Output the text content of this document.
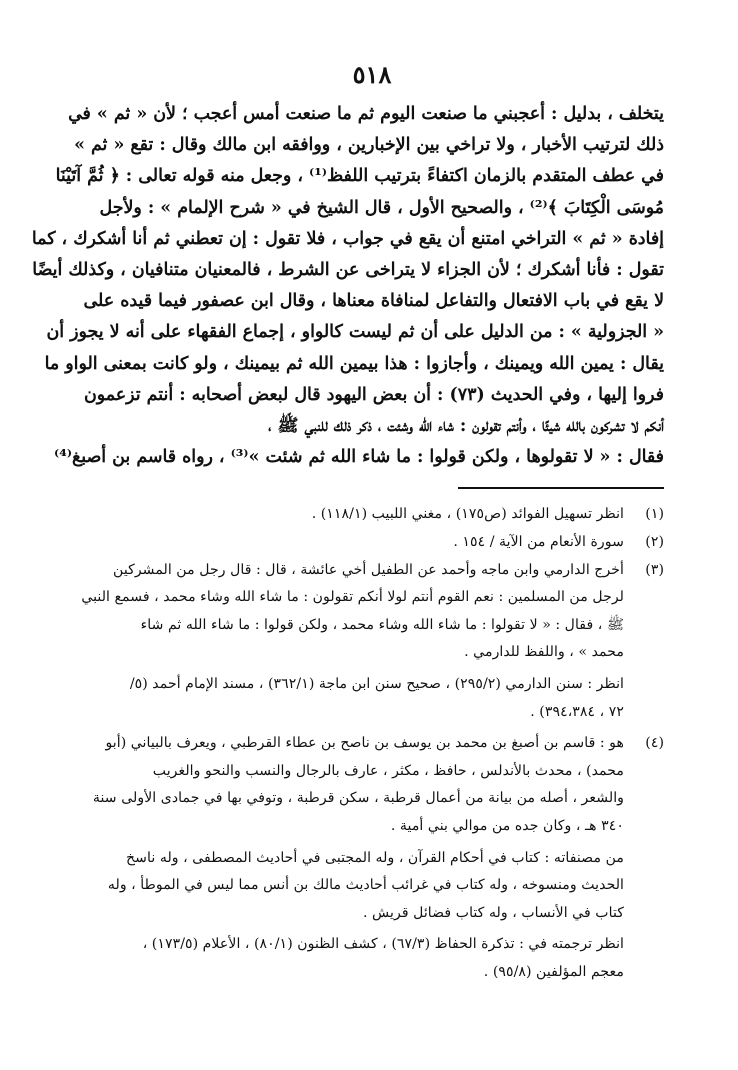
٥١٨
يتخلف ، بدليل : أعجبني ما صنعت اليوم ثم ما صنعت أمس أعجب ؛ لأن « ثم » في
ذلك لترتيب الأخبار ، ولا تراخي بين الإخبارين ، ووافقه ابن مالك وقال : تقع « ثم »
في عطف المتقدم بالزمان اكتفاءً بترتيب اللفظ⁽¹⁾ ، وجعل منه قوله تعالى : ﴿ ثُمَّ آتَيْنَا
مُوسَى الْكِتَابَ ﴾⁽²⁾ ، والصحيح الأول ، قال الشيخ في « شرح الإلمام » : ولأجل
إفادة « ثم » التراخي امتنع أن يقع في جواب ، فلا تقول : إن تعطني ثم أنا أشكرك ، كما
تقول : فأنا أشكرك ؛ لأن الجزاء لا يتراخى عن الشرط ، فالمعنيان متنافيان ، وكذلك أيضًا
لا يقع في باب الافتعال والتفاعل لمنافاة معناها ، وقال ابن عصفور فيما قيده على
« الجزولية » : من الدليل على أن ثم ليست كالواو ، إجماع الفقهاء على أنه لا يجوز أن
يقال : يمين الله ويمينك ، وأجازوا : هذا بيمين الله ثم بيمينك ، ولو كانت بمعنى الواو ما
فروا إليها ، وفي الحديث (٧٣) : أن بعض اليهود قال لبعض أصحابه : أنتم تزعمون
أنكم لا تشركون بالله شيئًا ، وأنتم تقولون : شاء الله وشئت ، ذكر ذلك للنبي ﷺ ،
فقال : « لا تقولوها ، ولكن قولوا : ما شاء الله ثم شئت »⁽³⁾ ، رواه قاسم بن أصبغ⁽⁴⁾
(١)
انظر تسهيل الفوائد (ص١٧٥) ، مغني اللبيب (١١٨/١) .
(٢)
سورة الأنعام من الآية / ١٥٤ .
(٣)
أخرج الدارمي وابن ماجه وأحمد عن الطفيل أخي عائشة ، قال : قال رجل من المشركين
لرجل من المسلمين : نعم القوم أنتم لولا أنكم تقولون : ما شاء الله وشاء محمد ، فسمع النبي
ﷺ ، فقال : « لا تقولوا : ما شاء الله وشاء محمد ، ولكن قولوا : ما شاء الله ثم شاء
محمد » ، واللفظ للدارمي .
انظر : سنن الدارمي (٢٩٥/٢) ، صحيح سنن ابن ماجة (٣٦٢/١) ، مسند الإمام أحمد (٥/
٧٢ ، ٣٩٤،٣٨٤) .
(٤)
هو : قاسم بن أصبغ بن محمد بن يوسف بن ناصح بن عطاء القرطبي ، ويعرف بالبياني (أبو
محمد) ، محدث بالأندلس ، حافظ ، مكثر ، عارف بالرجال والنسب والنحو والغريب
والشعر ، أصله من بيانة من أعمال قرطبة ، سكن قرطبة ، وتوفي بها في جمادى الأولى سنة
٣٤٠ هـ ، وكان جده من موالي بني أمية .
من مصنفاته : كتاب في أحكام القرآن ، وله المجتبى في أحاديث المصطفى ، وله ناسخ
الحديث ومنسوخه ، وله كتاب في غرائب أحاديث مالك بن أنس مما ليس في الموطأ ، وله
كتاب في الأنساب ، وله كتاب فضائل قريش .
انظر ترجمته في : تذكرة الحفاظ (٦٧/٣) ، كشف الظنون (٨٠/١) ، الأعلام (١٧٣/٥) ،
معجم المؤلفين (٩٥/٨) .
